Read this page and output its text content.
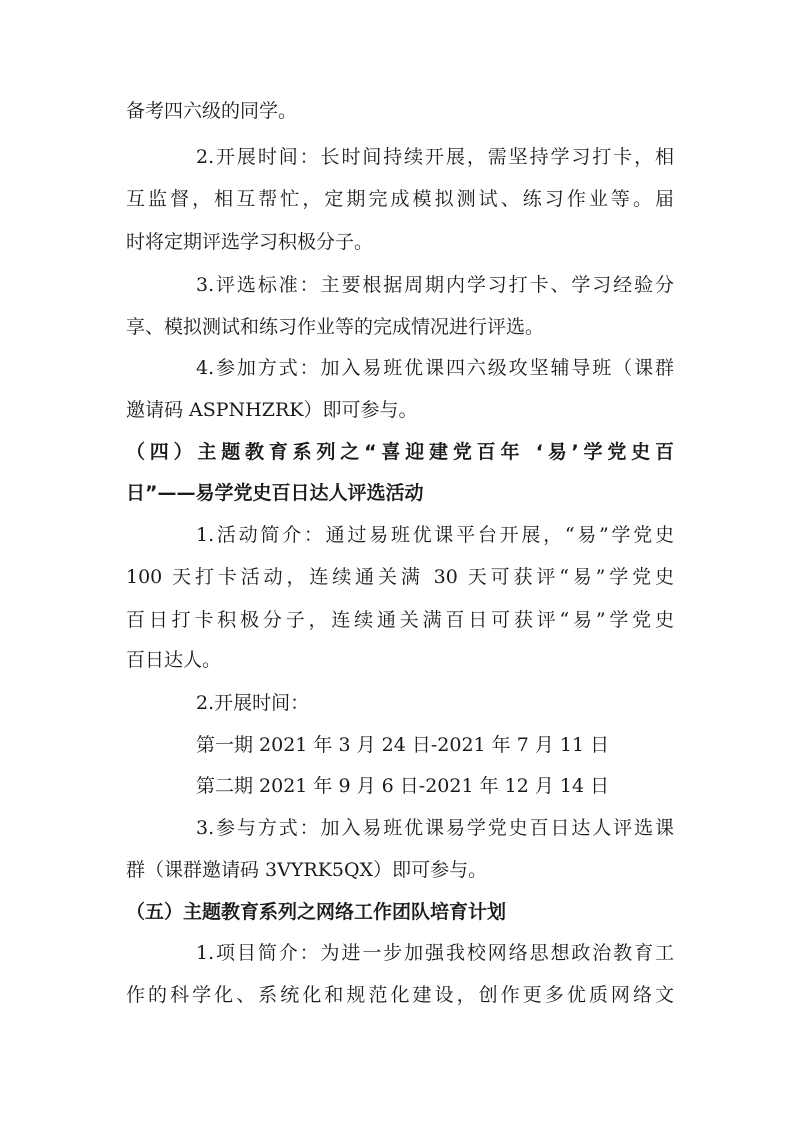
备考四六级的同学。
2.开展时间：长时间持续开展，需坚持学习打卡，相
互监督，相互帮忙，定期完成模拟测试、练习作业等。届
时将定期评选学习积极分子。
3.评选标准：主要根据周期内学习打卡、学习经验分
享、模拟测试和练习作业等的完成情况进行评选。
4.参加方式：加入易班优课四六级攻坚辅导班（课群
邀请码 ASPNHZRK）即可参与。
（四）主题教育系列之“喜迎建党百年 ‘易’学党史百
日”——易学党史百日达人评选活动
1.活动简介：通过易班优课平台开展，“易”学党史
100 天打卡活动，连续通关满 30 天可获评“易”学党史
百日打卡积极分子，连续通关满百日可获评“易”学党史
百日达人。
2.开展时间：
第一期 2021 年 3 月 24 日-2021 年 7 月 11 日
第二期 2021 年 9 月 6 日-2021 年 12 月 14 日
3.参与方式：加入易班优课易学党史百日达人评选课
群（课群邀请码 3VYRK5QX）即可参与。
（五）主题教育系列之网络工作团队培育计划
1.项目简介：为进一步加强我校网络思想政治教育工
作的科学化、系统化和规范化建设，创作更多优质网络文
